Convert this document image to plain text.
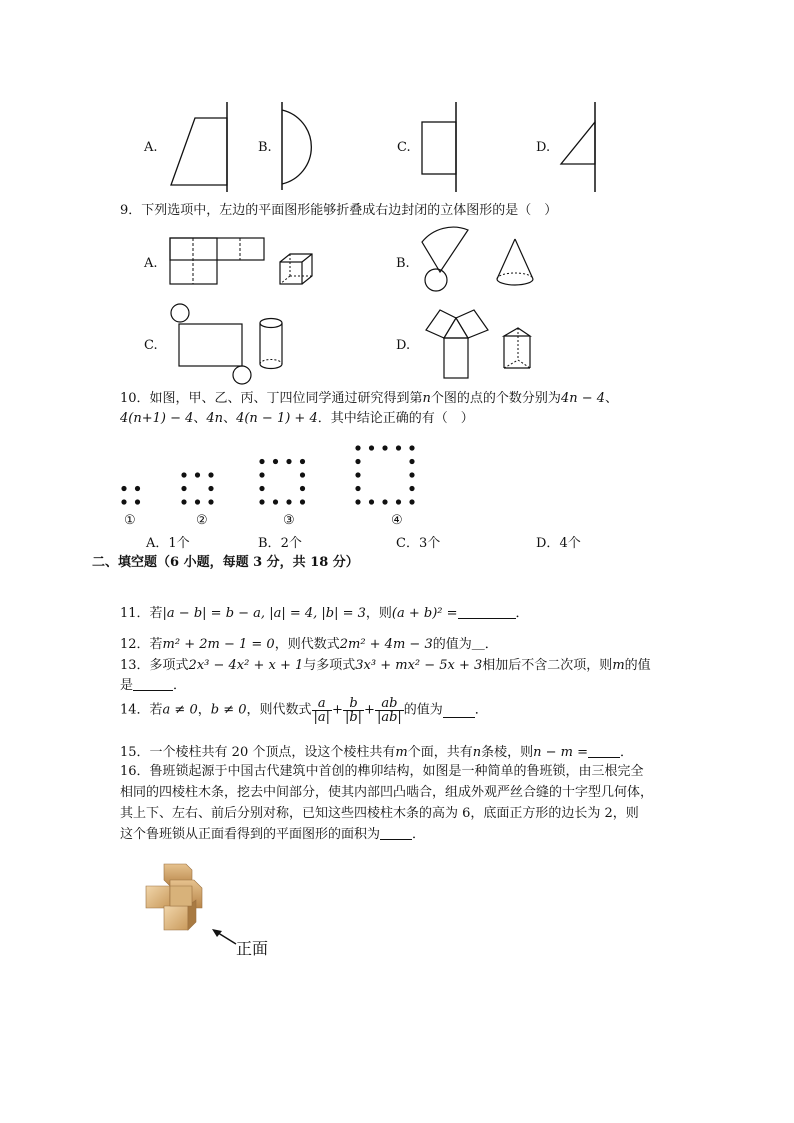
A.	B.	C.	D.
9．下列选项中，左边的平面图形能够折叠成右边封闭的立体图形的是（　）
A.	B.
C.	D.
10．如图，甲、乙、丙、丁四位同学通过研究得到第n个图的点的个数分别为4n − 4、
4(n+1) − 4、4n、4(n − 1) + 4．其中结论正确的有（　）
①	②	③	④
A．1个	B．2个	C．3个	D．4个
二、填空题（6 小题，每题 3 分，共 18 分）
11．若|a − b| = b − a, |a| = 4, |b| = 3，则(a + b)² =	．
12．若m² + 2m − 1 = 0，则代数式2m² + 4m − 3的值为＿．
13．多项式2x³ − 4x² + x + 1与多项式3x³ + mx² − 5x + 3相加后不含二次项，则m的值
是	．
14．若a ≠ 0，b ≠ 0，则代数式 $\frac{a}{|a|} + \frac{b}{|b|} + \frac{ab}{|ab|}$ 的值为 ．
15．一个棱柱共有 20 个顶点，设这个棱柱共有m个面，共有n条棱，则n − m = ．
16．鲁班锁起源于中国古代建筑中首创的榫卯结构，如图是一种简单的鲁班锁，由三根完全
相同的四棱柱木条，挖去中间部分，使其内部凹凸啮合，组成外观严丝合缝的十字型几何体，
其上下、左右、前后分别对称，已知这些四棱柱木条的高为 6，底面正方形的边长为 2，则
这个鲁班锁从正面看得到的平面图形的面积为 ．
正面
